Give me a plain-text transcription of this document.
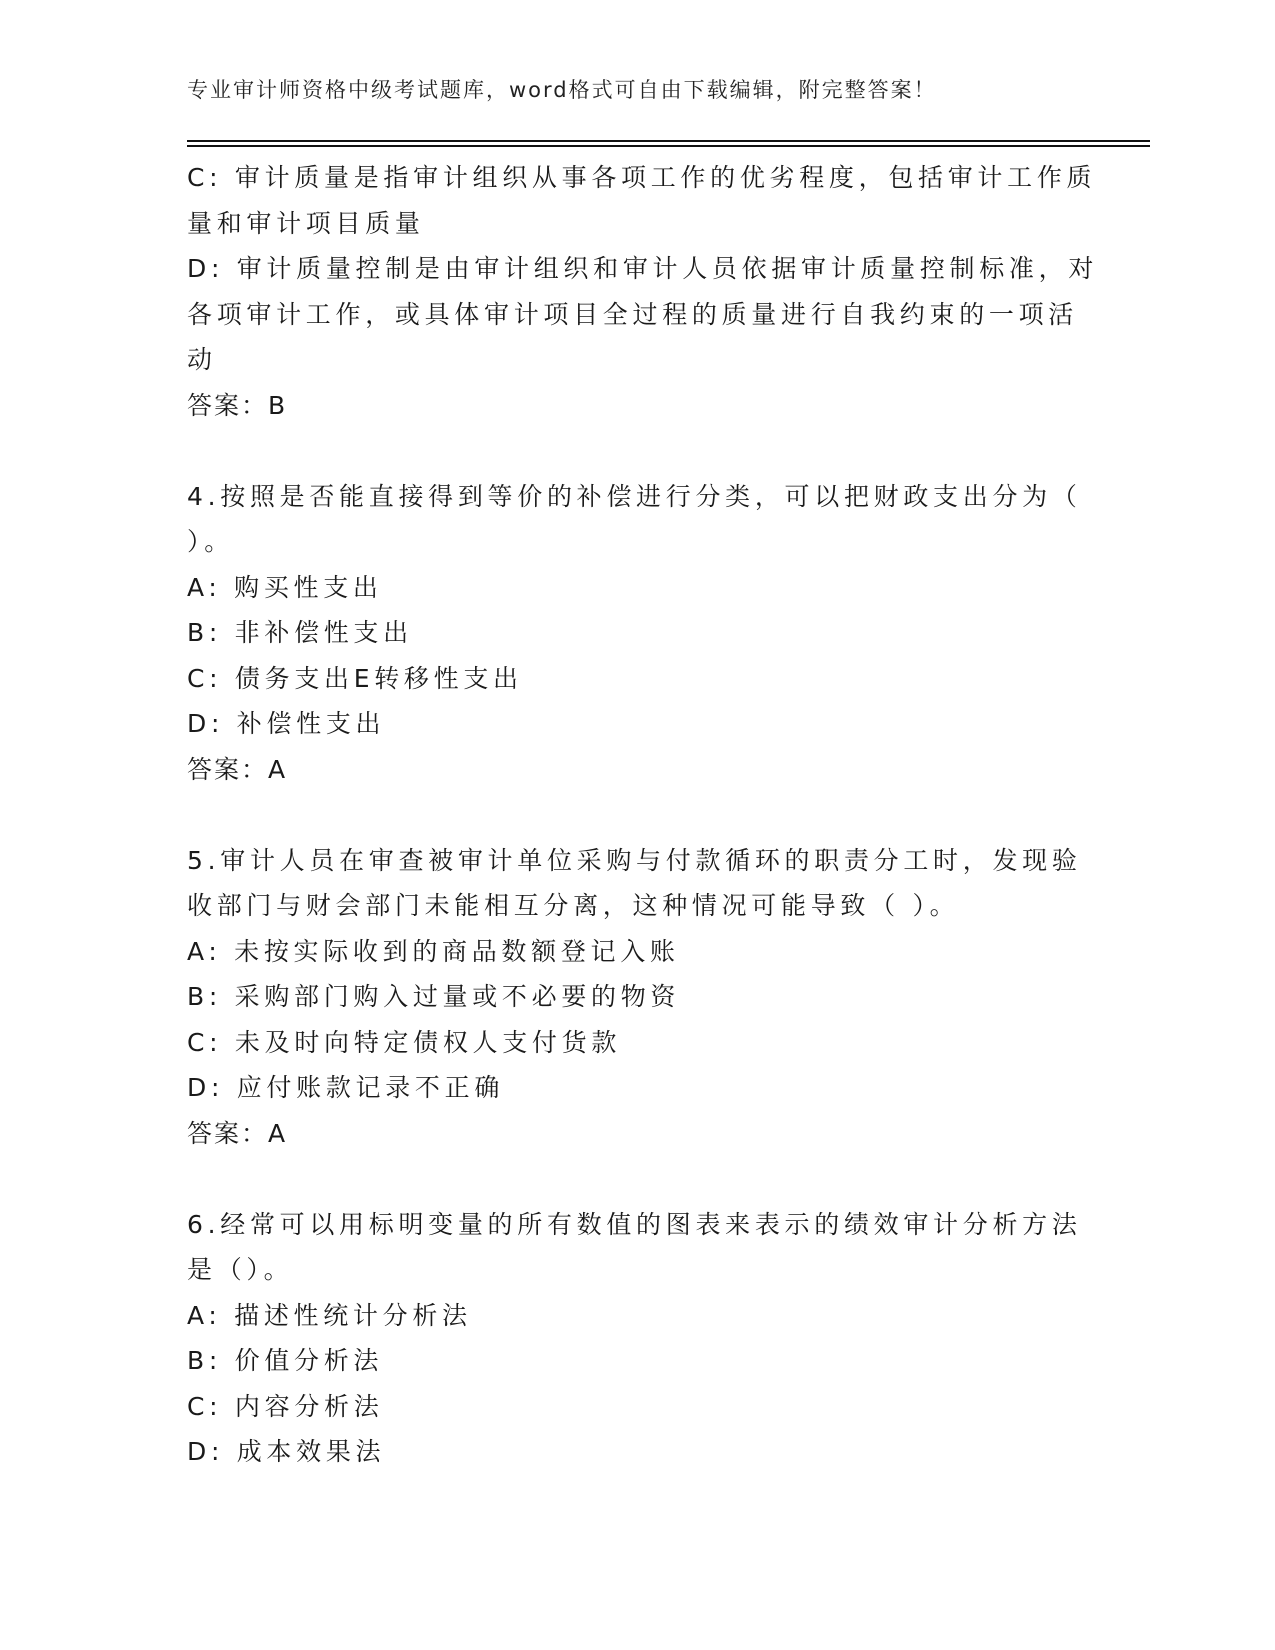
专业审计师资格中级考试题库，word格式可自由下载编辑，附完整答案！
C: 审计质量是指审计组织从事各项工作的优劣程度，包括审计工作质
量和审计项目质量
D: 审计质量控制是由审计组织和审计人员依据审计质量控制标准，对
各项审计工作，或具体审计项目全过程的质量进行自我约束的一项活
动
答案：B
4.按照是否能直接得到等价的补偿进行分类，可以把财政支出分为（
）。
A: 购买性支出
B: 非补偿性支出
C: 债务支出E转移性支出
D: 补偿性支出
答案：A
5.审计人员在审查被审计单位采购与付款循环的职责分工时，发现验
收部门与财会部门未能相互分离，这种情况可能导致（ ）。
A: 未按实际收到的商品数额登记入账
B: 采购部门购入过量或不必要的物资
C: 未及时向特定债权人支付货款
D: 应付账款记录不正确
答案：A
6.经常可以用标明变量的所有数值的图表来表示的绩效审计分析方法
是（）。
A: 描述性统计分析法
B: 价值分析法
C: 内容分析法
D: 成本效果法
